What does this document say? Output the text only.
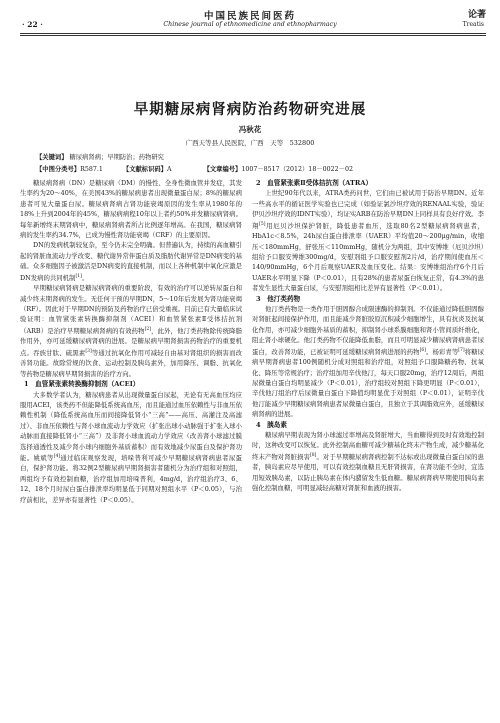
· 22 ·
中国民族民间医药
Chinese journal of ethnomedicine and ethnopharmacy
论著
Treatis
早期糖尿病肾病防治药物研究进展
冯秋花
广西天等县人民医院，广西　天等　532800
【关键词】 糖尿病肾病；早期防治；药物研究
【中图分类号】R587.1	【文献标识码】A	【文章编号】1007－8517（2012）18－0022－02

糖尿病肾病（DN）是糖尿病（DM）的慢性、全身性微血管并发症，其发生率约为20～40%，在美国43%的糖尿病患者出现微量蛋白尿；8%的糖尿病患者可见大量蛋白尿。糖尿病肾病占肾功能衰竭原因的发生率从1980年的18%上升到2004年的45%，糖尿病病程10年以上者约50%并发糖尿病肾病。每年新增终末期肾病中，糖尿病肾病者所占比例逐年增高。在我国，糖尿病肾病的发生率约34.7%，已成为慢性肾功能衰竭（CRF）的主要原因。

DN的发病机制较复杂，至今仍未完全明确。但普遍认为，持续的高血糖引起的肾脏血流动力学改变、糖代谢异常伴蛋白质及脂肪代谢异常是DN病变的基础。众多细胞因子被激活是DN病变的直接机制，而以上各种机制中氧化应激是DN发病的共同机制[1]。

早期糖尿病肾病是糖尿病肾病的重要阶段，有效的治疗可以逆转尿蛋白和减少终末期肾病的发生。无任何干预的早期DN，5～10年后发展为肾功能衰竭（RF）。因此对于早期DN的预防及药物治疗已倍受重视。目前已有大量临床试验证明：血管紧张素转换酶抑制剂（ACEI）和血管紧张素Ⅱ受体拮抗剂（ARB）是治疗早期糖尿病肾病的有效药物[2]，此外，他汀类药物除传统降脂作用外，亦可延缓糖尿病肾病的进展。是糖尿病早期肾损害药物治疗的重要机点。吞族甘肽、硫黑素[3]等通过抗氧化作用可减轻自由基对肾组织的损害而改善肾功能。故除常规的饮食、运动控制及胰岛素外，加用降压、调脂、抗氧化等药物是糖尿病早期肾损害的治疗方向。

1　血管紧张素转换酶抑制剂（ACEI）

大多数学者认为，糖尿病患者从出现微量蛋白尿起，无论有无高血压均应服用ACEI，该类药不但能降低系统高血压，而且能通过血压依赖性与非血压依赖性机制（降低系统高血压而间接降低肾小“三高”——高压、高灌注及高滤过）、非血压依赖性与肾小球血流动力学效应（扩张出球小动脉强于扩张入球小动脉而直接降低肾小“三高”）及非肾小球血流动力学效应（改善肾小球滤过膜选择通透性及减少肾小球内细胞外基质蓄积）而有效地减少尿蛋白及保护肾功能。姚斌等[4]通过临床观察发现，培哚普利可减少早期糖尿病肾病患者尿蛋白，保护肾功能。将32例2型糖尿病早期肾损害者随机分为治疗组和对照组，两组均予有效控制血糖，治疗组加用培哚普利，4mg/d，治疗组治疗3、6、12、18个月时尿白蛋白排泄率均明显低于同期对照组水平（P＜0.05），与治疗前相比，差异亦有显著性（P＜0.05）。

2　血管紧张素Ⅱ受体拮抗剂（ATRA）

上世纪90年代以来，ATRA类药问世，它们由已被试用于防治早期DN。近年一些高水平的循证医学实验也已完成（如验证氯沙坦疗效的RENAAL实验，验证伊贝沙坦疗效的IDNT实验），均证实ARB在防治早期DN上同样具有良好疗效。李翔[5]用厄贝沙坦保护肾脏，降低患者血压，选取80名2型糖尿病肾病患者，HbA1c＜8.5%，24h尿白蛋白排泄率（UAER）平均值20～200μg/min，收缩压＜180mmHg，舒张压＜110mmHg，随机分为两组，其中安博维（厄贝沙坦）组给予口服安博维300mg/d，安慰剂组予口服安慰剂2片/d，治疗期间使血压＜140/90mmHg，6个月后观察UAER及血压变化。结果：安博维组治疗6个月后UAER水平明显下降（P＜0.01），且有28%的患者尿蛋白恢复正常，有4.3%的患者发生显性大量蛋白尿，与安慰剂组相比差异有显著性（P＜0.01）。

3　他汀类药物

他汀类药物是一类作用于胆固醇合成限速酶的抑制剂。不仅能通过降低胆固醇对肾脏起间接保护作用，而且能减少肾脏胶原沉积减少细胞增生，具有抗炎及抗氧化作用，亦可减少细胞外基质的蓄积，抑制肾小球系膜细胞和肾小管间质纤维化，阻止肾小球硬化。他汀类药物不仅能降低血脂，而且可明显减少糖尿病肾病患者尿蛋白，改善肾功能，已被证明可延缓糖尿病肾病进展的药物[6]。杨彩青等[7]将糖尿病早期肾病患者100例随机分成对照组和治疗组，对照组予口服降糖药物、抗氧化、降压等常规治疗；治疗组加用辛伐他汀，每天口服20mg，治疗12周后，两组尿微量白蛋白均明显减少（P＜0.01），治疗组较对照组下降更明显（P＜0.01），辛伐他汀组治疗后尿微量白蛋白下降值均明显优于对照组（P＜0.01），证明辛伐他汀能减少早期糖尿病肾病患者尿微量白蛋白，且独立于其调脂效应外，延缓糖尿病肾病的进展。

4　胰岛素

糖尿病早期表现为肾小球滤过率增高及肾脏增大，当血糖得到及时有效地控制时，这种改变可以恢复。此外控制高血糖可减少糖基化终末产物生成，减少糖基化终末产物对肾脏损害[8]。对于早期糖尿病肾病控制不达标或出现微量白蛋白尿的患者，胰岛素应尽早使用，可以有效控制血糖且无肝肾损害，在肾功能不全时，宜选用短效胰岛素，以防止胰岛素在体内潴留发生低血糖。糖尿病肾病早期使用胰岛素强化控制血糖，可明显减轻高糖对肾脏和血液的损害。
